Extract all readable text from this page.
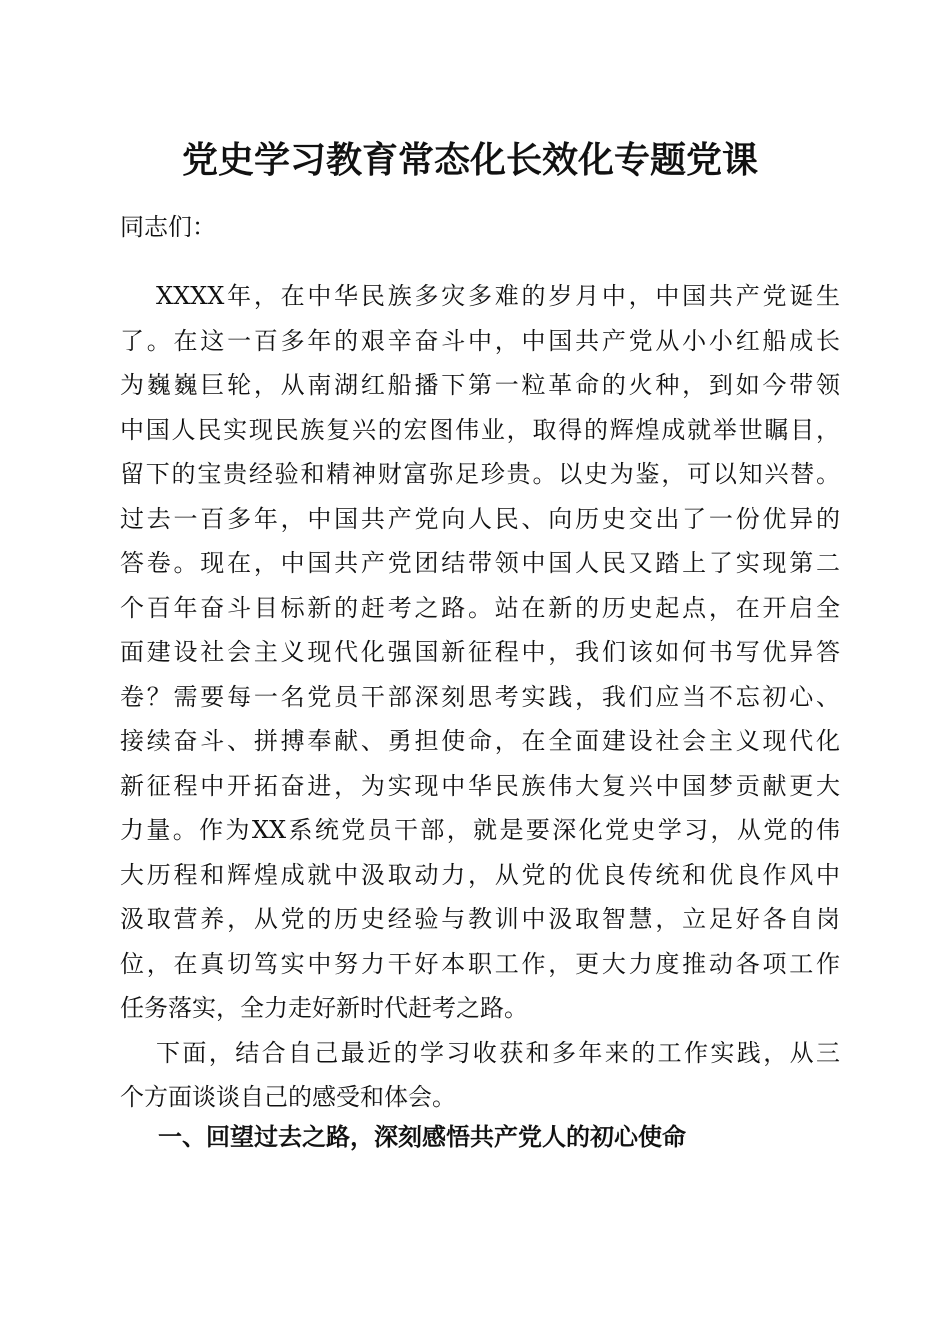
党史学习教育常态化长效化专题党课
同志们：
XXXX年，在中华民族多灾多难的岁月中，中国共产党诞生
了。在这一百多年的艰辛奋斗中，中国共产党从小小红船成长
为巍巍巨轮，从南湖红船播下第一粒革命的火种，到如今带领
中国人民实现民族复兴的宏图伟业，取得的辉煌成就举世瞩目，
留下的宝贵经验和精神财富弥足珍贵。以史为鉴，可以知兴替。
过去一百多年，中国共产党向人民、向历史交出了一份优异的
答卷。现在，中国共产党团结带领中国人民又踏上了实现第二
个百年奋斗目标新的赶考之路。站在新的历史起点，在开启全
面建设社会主义现代化强国新征程中，我们该如何书写优异答
卷？需要每一名党员干部深刻思考实践，我们应当不忘初心、
接续奋斗、拼搏奉献、勇担使命，在全面建设社会主义现代化
新征程中开拓奋进，为实现中华民族伟大复兴中国梦贡献更大
力量。作为XX系统党员干部，就是要深化党史学习，从党的伟
大历程和辉煌成就中汲取动力，从党的优良传统和优良作风中
汲取营养，从党的历史经验与教训中汲取智慧，立足好各自岗
位，在真切笃实中努力干好本职工作，更大力度推动各项工作
任务落实，全力走好新时代赶考之路。
下面，结合自己最近的学习收获和多年来的工作实践，从三
个方面谈谈自己的感受和体会。
一、回望过去之路，深刻感悟共产党人的初心使命
